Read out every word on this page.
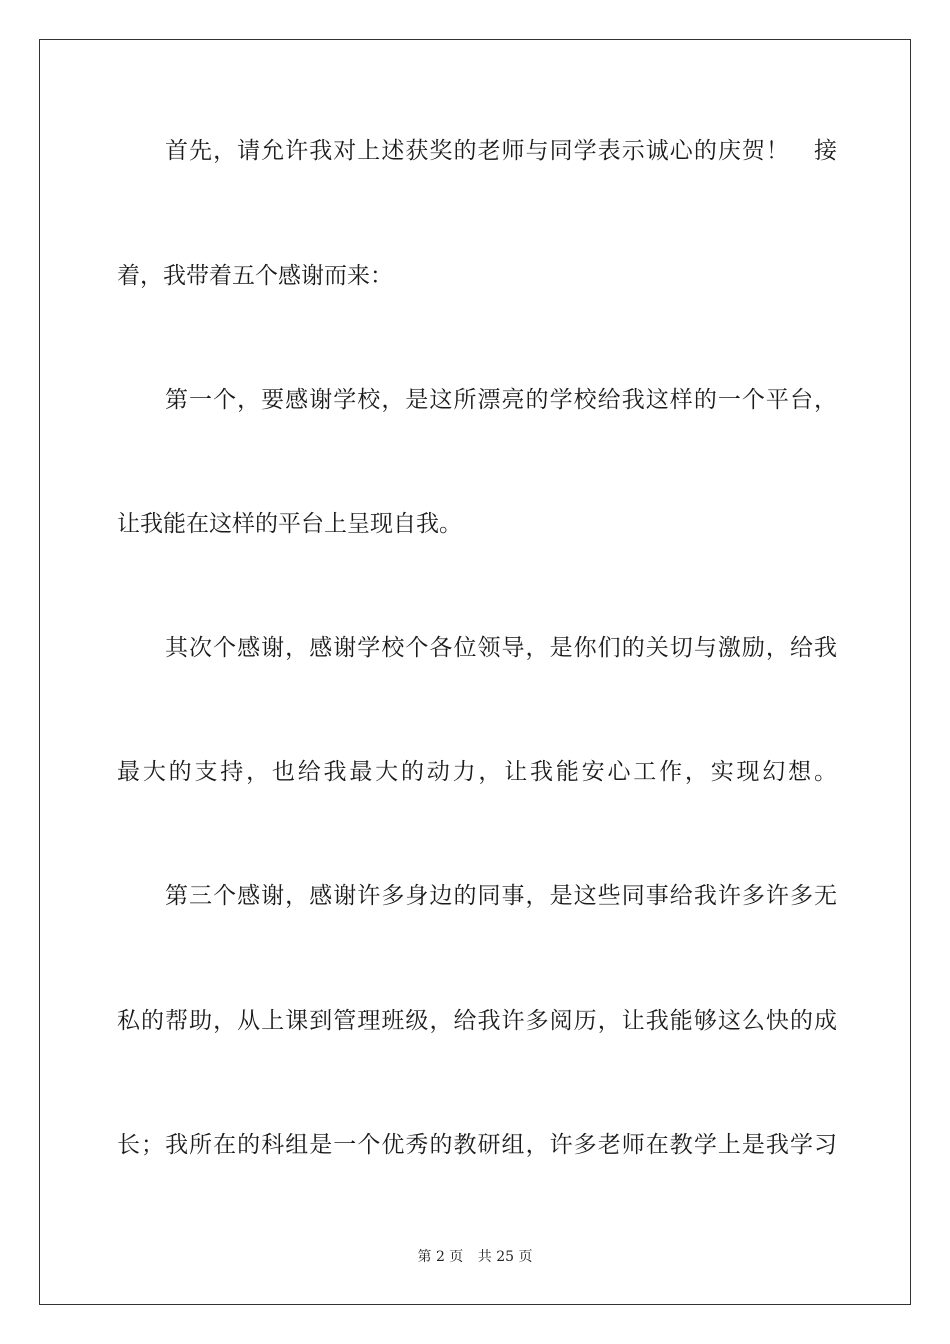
首先，请允许我对上述获奖的老师与同学表示诚心的庆贺！　接
着，我带着五个感谢而来：
第一个，要感谢学校，是这所漂亮的学校给我这样的一个平台，
让我能在这样的平台上呈现自我。
其次个感谢，感谢学校个各位领导，是你们的关切与激励，给我
最大的支持，也给我最大的动力，让我能安心工作，实现幻想。
第三个感谢，感谢许多身边的同事，是这些同事给我许多许多无
私的帮助，从上课到管理班级，给我许多阅历，让我能够这么快的成
长；我所在的科组是一个优秀的教研组，许多老师在教学上是我学习
第 2 页 共 25 页
